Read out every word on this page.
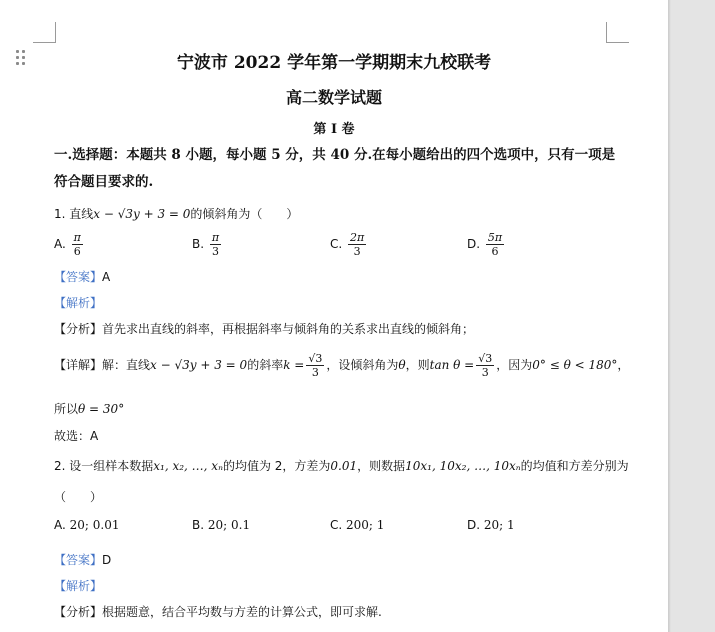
宁波市 2022 学年第一学期期末九校联考
高二数学试题
第 I 卷
一.选择题：本题共 8 小题，每小题 5 分，共 40 分.在每小题给出的四个选项中，只有一项是
符合题目要求的.
1. 直线x − √3y + 3 = 0的倾斜角为（　　）
A. $\frac{\pi}{6}$	B. $\frac{\pi}{3}$	C. $\frac{2\pi}{3}$	D. $\frac{5\pi}{6}$
【答案】A
【解析】
【分析】首先求出直线的斜率，再根据斜率与倾斜角的关系求出直线的倾斜角；
【详解】解：直线x − √3y + 3 = 0的斜率$k = \frac{√3}{3}$ ，设倾斜角为θ，则$\tan \theta = \frac{√3}{3}$ ，因为0° ≤ θ < 180°，
所以θ = 30°
故选：A
2. 设一组样本数据x₁, x₂, …, xₙ的均值为 2，方差为0.01，则数据10x₁, 10x₂, …, 10xₙ的均值和方差分别为
（　　）
A. 20; 0.01	B. 20; 0.1	C. 200; 1	D. 20; 1
【答案】D
【解析】
【分析】根据题意，结合平均数与方差的计算公式，即可求解.
